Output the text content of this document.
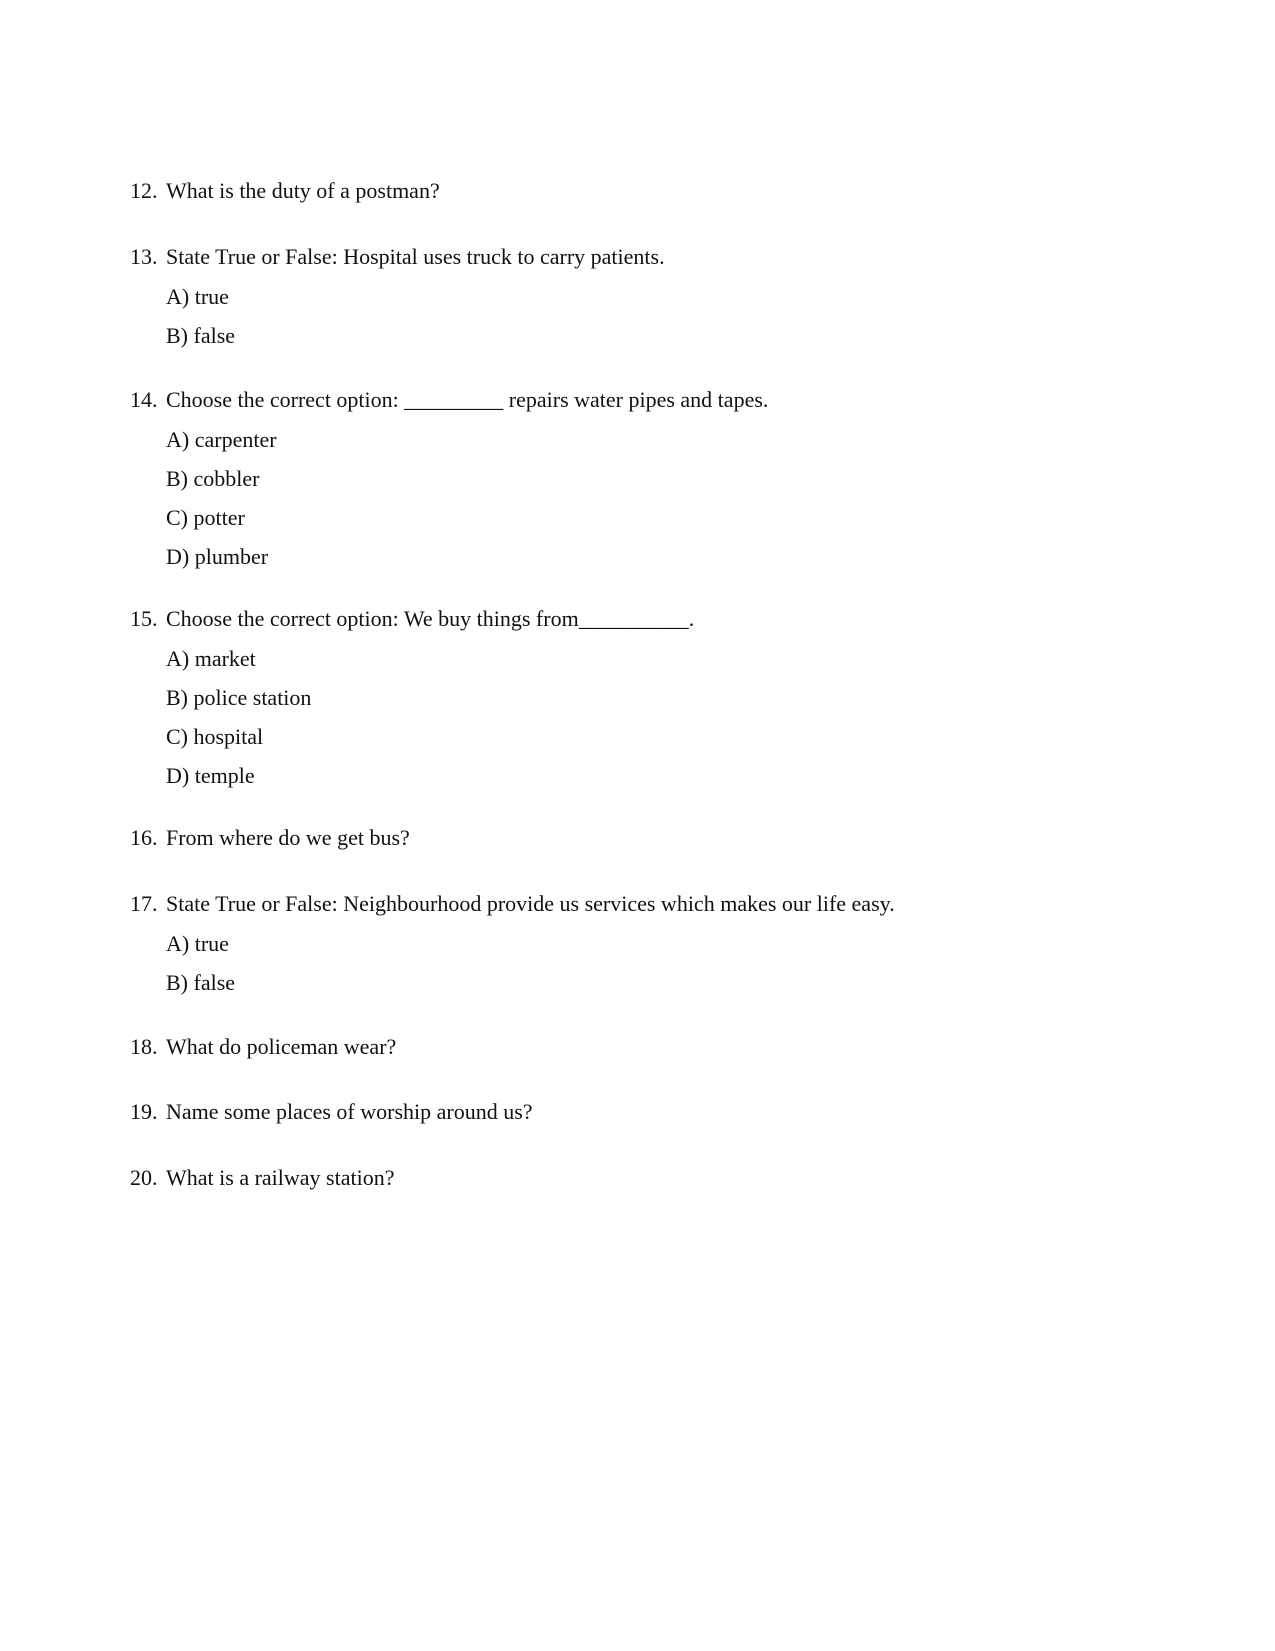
12. What is the duty of a postman?
13. State True or False: Hospital uses truck to carry patients.
A) true
B) false
14. Choose the correct option: _________ repairs water pipes and tapes.
A) carpenter
B) cobbler
C) potter
D) plumber
15. Choose the correct option: We buy things from__________.
A) market
B) police station
C) hospital
D) temple
16. From where do we get bus?
17. State True or False: Neighbourhood provide us services which makes our life easy.
A) true
B) false
18. What do policeman wear?
19. Name some places of worship around us?
20. What is a railway station?
